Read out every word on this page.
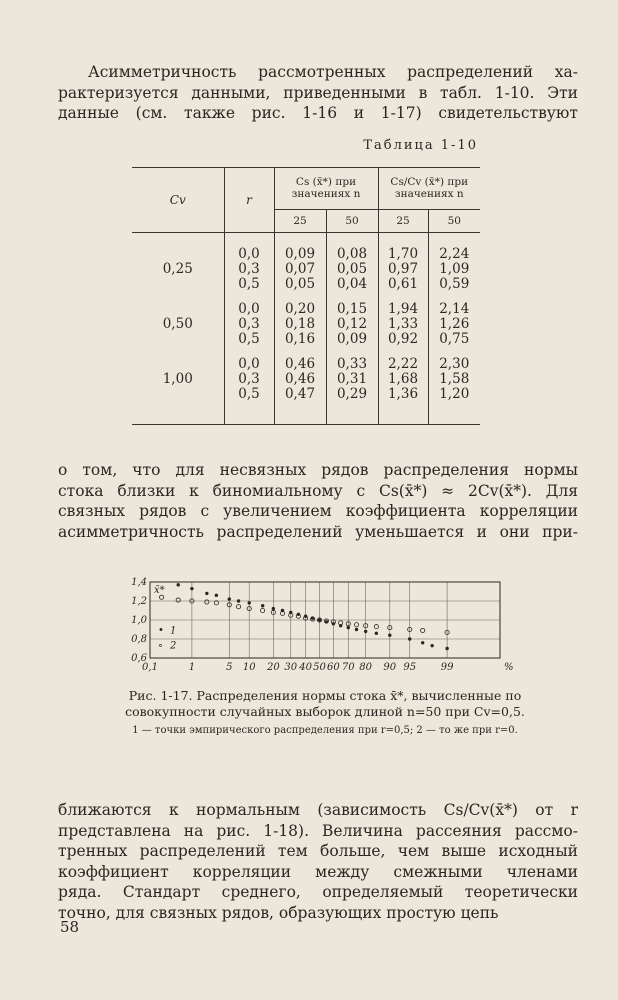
Асимметричность рассмотренных распределений ха-
рактеризуется данными, приведенными в табл. 1-10. Эти
данные (см. также рис. 1-16 и 1-17) свидетельствуют

Таблица 1-10
Cv	r	Cs (x̄*) при значениях n		Cs/Cv (x̄*) при значениях n	
		25	50	25	50
	0,0	0,09	0,08	1,70	2,24
0,25	0,3	0,07	0,05	0,97	1,09
	0,5	0,05	0,04	0,61	0,59
	0,0	0,20	0,15	1,94	2,14
0,50	0,3	0,18	0,12	1,33	1,26
	0,5	0,16	0,09	0,92	0,75
	0,0	0,46	0,33	2,22	2,30
1,00	0,3	0,46	0,31	1,68	1,58
	0,5	0,47	0,29	1,36	1,20

о том, что для несвязных рядов распределения нормы
стока близки к биномиальному с Cs(x̄*) ≈ 2Cv(x̄*). Для
связных рядов с увеличением коэффициента корреляции
асимметричность распределений уменьшается и они при-

0,1	1	5 10 20 30 40 50 60 70 80 90 95 99	%
0,6
0,8
1,0
1,2
1,4
x̄*
• 1
∘ 2
Рис. 1-17. Распределения нормы стока x̄*, вычисленные по совокупности случайных выборок длиной n=50 при Cv=0,5.
1 — точки эмпирического распределения при r=0,5; 2 — то же при r=0.

ближаются к нормальным (зависимость Cs/Cv(x̄*) от r
представлена на рис. 1-18). Величина рассеяния рассмо-
тренных распределений тем больше, чем выше исходный
коэффициент корреляции между смежными членами
ряда. Стандарт среднего, определяемый теоретически
точно, для связных рядов, образующих простую цепь

58
